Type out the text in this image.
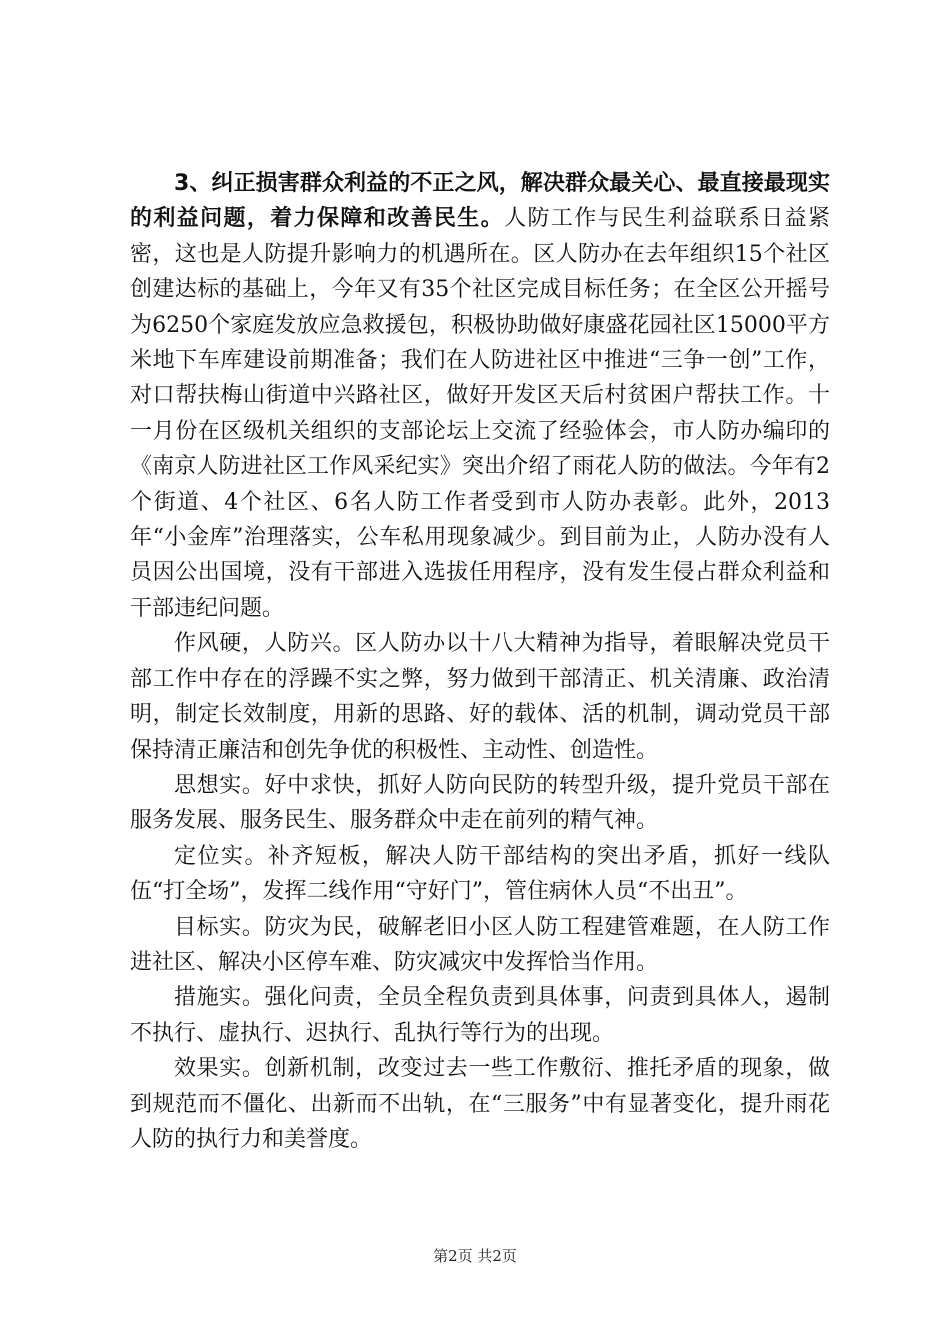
3、纠正损害群众利益的不正之风，解决群众最关心、最直接最现实的利益问题，着力保障和改善民生。人防工作与民生利益联系日益紧密，这也是人防提升影响力的机遇所在。区人防办在去年组织15个社区创建达标的基础上，今年又有35个社区完成目标任务；在全区公开摇号为6250个家庭发放应急救援包，积极协助做好康盛花园社区15000平方米地下车库建设前期准备；我们在人防进社区中推进“三争一创”工作，对口帮扶梅山街道中兴路社区，做好开发区天后村贫困户帮扶工作。十一月份在区级机关组织的支部论坛上交流了经验体会，市人防办编印的《南京人防进社区工作风采纪实》突出介绍了雨花人防的做法。今年有2个街道、4个社区、6名人防工作者受到市人防办表彰。此外，2013年“小金库”治理落实，公车私用现象减少。到目前为止，人防办没有人员因公出国境，没有干部进入选拔任用程序，没有发生侵占群众利益和干部违纪问题。

作风硬，人防兴。区人防办以十八大精神为指导，着眼解决党员干部工作中存在的浮躁不实之弊，努力做到干部清正、机关清廉、政治清明，制定长效制度，用新的思路、好的载体、活的机制，调动党员干部保持清正廉洁和创先争优的积极性、主动性、创造性。

思想实。好中求快，抓好人防向民防的转型升级，提升党员干部在服务发展、服务民生、服务群众中走在前列的精气神。

定位实。补齐短板，解决人防干部结构的突出矛盾，抓好一线队伍“打全场”，发挥二线作用“守好门”，管住病休人员“不出丑”。

目标实。防灾为民，破解老旧小区人防工程建管难题，在人防工作进社区、解决小区停车难、防灾减灾中发挥恰当作用。

措施实。强化问责，全员全程负责到具体事，问责到具体人，遏制不执行、虚执行、迟执行、乱执行等行为的出现。

效果实。创新机制，改变过去一些工作敷衍、推托矛盾的现象，做到规范而不僵化、出新而不出轨，在“三服务”中有显著变化，提升雨花人防的执行力和美誉度。

第2页 共2页
